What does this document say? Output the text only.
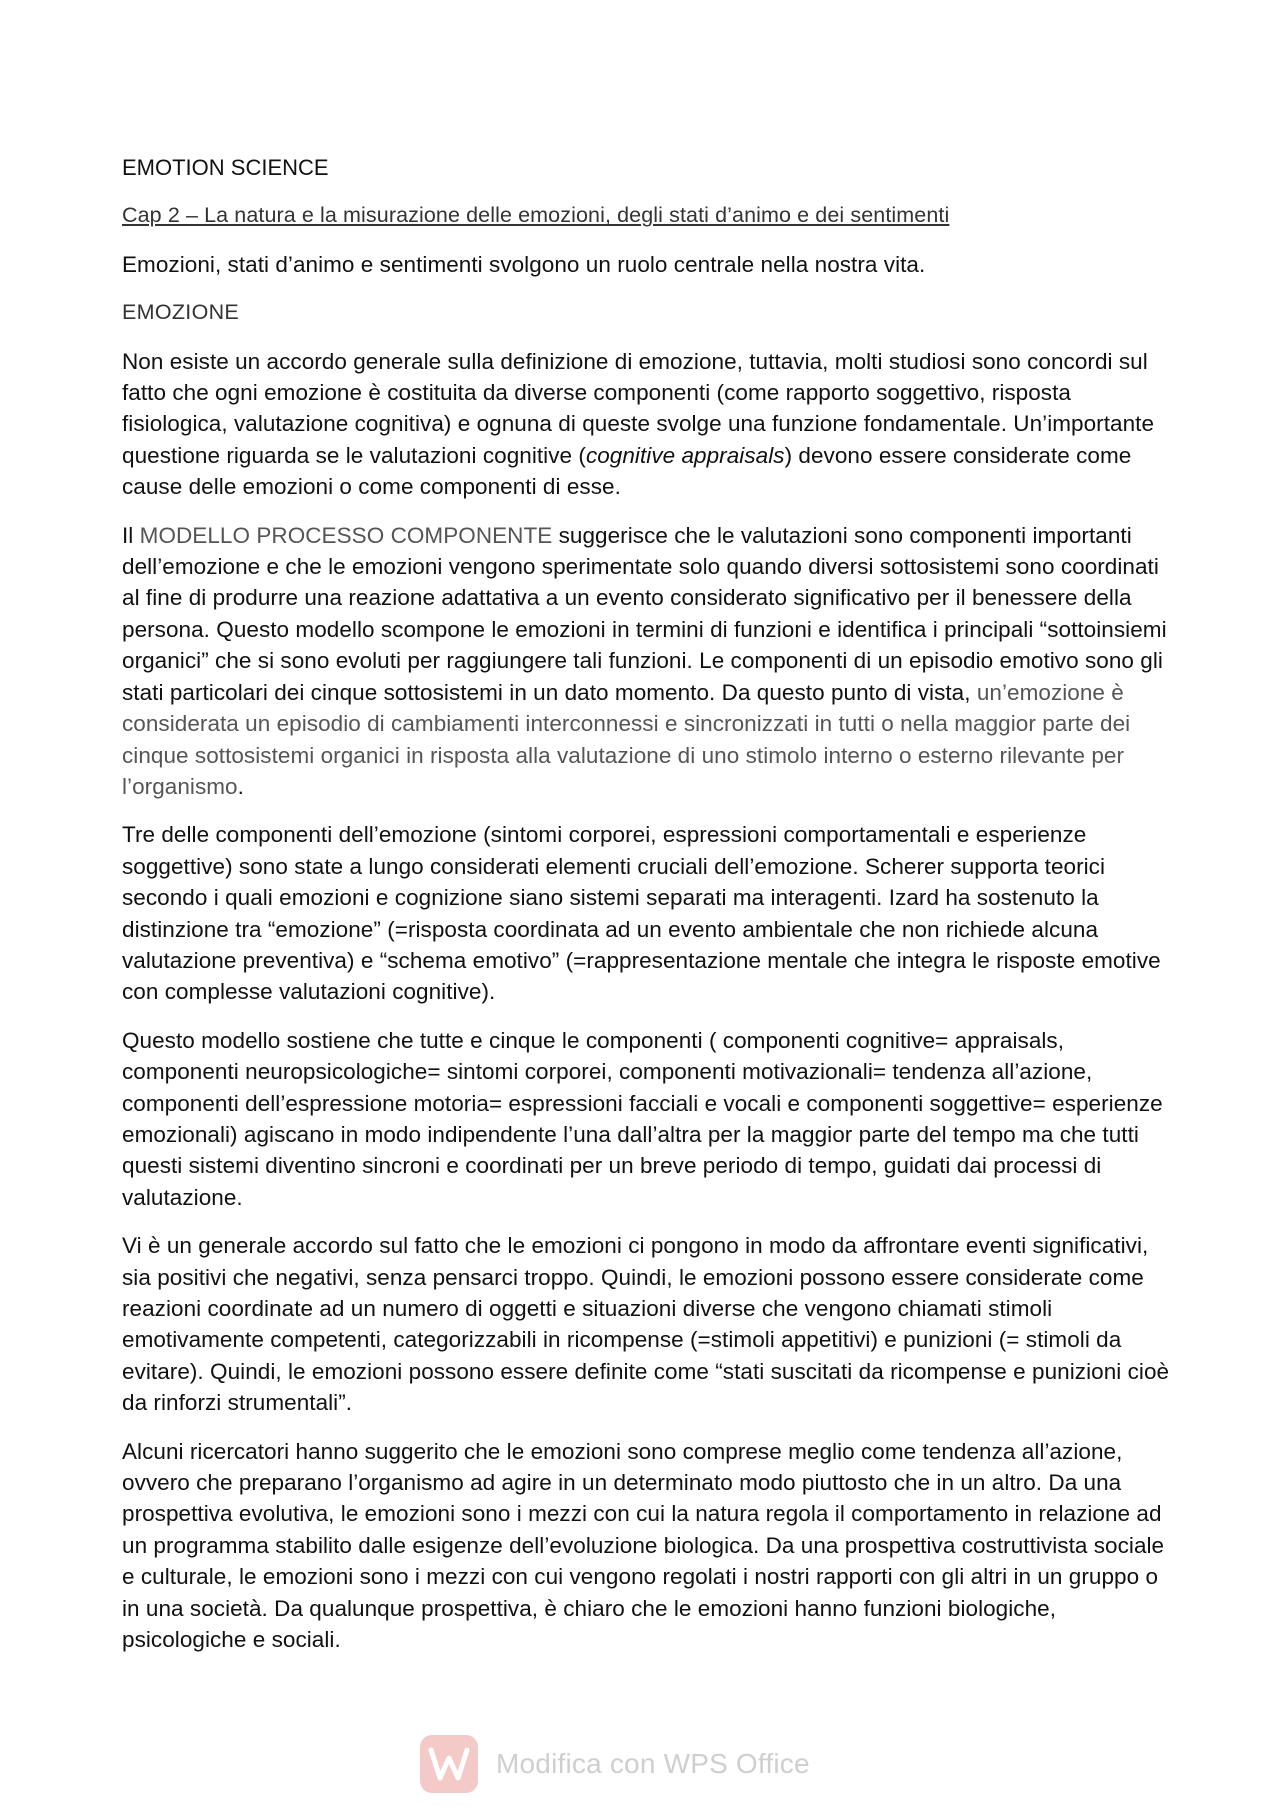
EMOTION SCIENCE
Cap 2 – La natura e la misurazione delle emozioni, degli stati d’animo e dei sentimenti
Emozioni, stati d’animo e sentimenti svolgono un ruolo centrale nella nostra vita.
EMOZIONE
Non esiste un accordo generale sulla definizione di emozione, tuttavia, molti studiosi sono concordi sul fatto che ogni emozione è costituita da diverse componenti (come rapporto soggettivo, risposta fisiologica, valutazione cognitiva) e ognuna di queste svolge una funzione fondamentale. Un’importante questione riguarda se le valutazioni cognitive (cognitive appraisals) devono essere considerate come cause delle emozioni o come componenti di esse.
Il MODELLO PROCESSO COMPONENTE suggerisce che le valutazioni sono componenti importanti dell’emozione e che le emozioni vengono sperimentate solo quando diversi sottosistemi sono coordinati al fine di produrre una reazione adattativa a un evento considerato significativo per il benessere della persona. Questo modello scompone le emozioni in termini di funzioni e identifica i principali “sottoinsiemi organici” che si sono evoluti per raggiungere tali funzioni. Le componenti di un episodio emotivo sono gli stati particolari dei cinque sottosistemi in un dato momento. Da questo punto di vista, un’emozione è considerata un episodio di cambiamenti interconnessi e sincronizzati in tutti o nella maggior parte dei cinque sottosistemi organici in risposta alla valutazione di uno stimolo interno o esterno rilevante per l’organismo.
Tre delle componenti dell’emozione (sintomi corporei, espressioni comportamentali e esperienze soggettive) sono state a lungo considerati elementi cruciali dell’emozione. Scherer supporta teorici secondo i quali emozioni e cognizione siano sistemi separati ma interagenti. Izard ha sostenuto la distinzione tra “emozione” (=risposta coordinata ad un evento ambientale che non richiede alcuna valutazione preventiva) e “schema emotivo” (=rappresentazione mentale che integra le risposte emotive con complesse valutazioni cognitive).
Questo modello sostiene che tutte e cinque le componenti ( componenti cognitive= appraisals, componenti neuropsicologiche= sintomi corporei, componenti motivazionali= tendenza all’azione, componenti dell’espressione motoria= espressioni facciali e vocali e componenti soggettive= esperienze emozionali) agiscano in modo indipendente l’una dall’altra per la maggior parte del tempo ma che tutti questi sistemi diventino sincroni e coordinati per un breve periodo di tempo, guidati dai processi di valutazione.
Vi è un generale accordo sul fatto che le emozioni ci pongono in modo da affrontare eventi significativi, sia positivi che negativi, senza pensarci troppo. Quindi, le emozioni possono essere considerate come reazioni coordinate ad un numero di oggetti e situazioni diverse che vengono chiamati stimoli emotivamente competenti, categorizzabili in ricompense (=stimoli appetitivi) e punizioni (= stimoli da evitare). Quindi, le emozioni possono essere definite come “stati suscitati da ricompense e punizioni cioè da rinforzi strumentali”.
Alcuni ricercatori hanno suggerito che le emozioni sono comprese meglio come tendenza all’azione, ovvero che preparano l’organismo ad agire in un determinato modo piuttosto che in un altro. Da una prospettiva evolutiva, le emozioni sono i mezzi con cui la natura regola il comportamento in relazione ad un programma stabilito dalle esigenze dell’evoluzione biologica. Da una prospettiva costruttivista sociale e culturale, le emozioni sono i mezzi con cui vengono regolati i nostri rapporti con gli altri in un gruppo o in una società. Da qualunque prospettiva, è chiaro che le emozioni hanno funzioni biologiche, psicologiche e sociali.
Modifica con WPS Office
